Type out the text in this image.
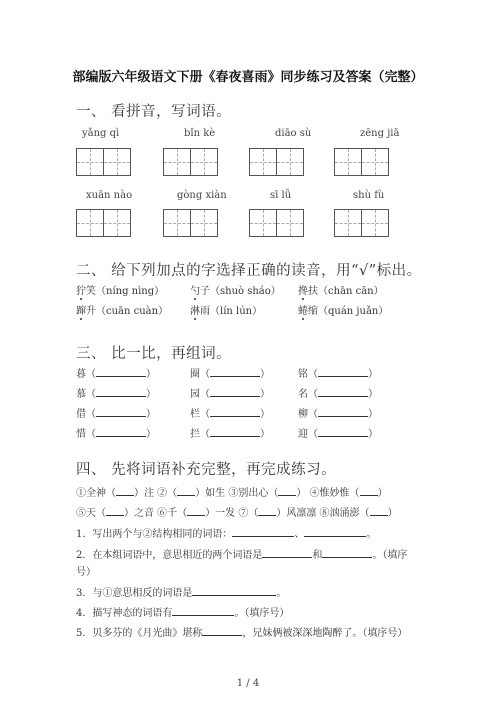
部编版六年级语文下册《春夜喜雨》同步练习及答案（完整）
一、 看拼音，写词语。
yǎng qì	bǐn kè	diāo sù	zēng jiā
xuān nào	gòng xiàn	sī lǚ	shù fù
二、 给下列加点的字选择正确的读音，用“√”标出。
狞笑（níng nìng）	勺子（shuò sháo） 搀扶（chān cān）
蹿升（cuān cuàn） 淋雨（lín lún）	蜷缩（quán juǎn）
三、 比一比，再组词。
暮（	）	圈（	）	铭（	）
慕（	）	园（	）	名（	）
借（	）	栏（	）	柳（	）
惜（	）	拦（	）	迎（	）
四、 先将词语补充完整，再完成练习。
①全神（ ）注 ②（ ）如生 ③别出心（ ） ④惟妙惟（ ）
⑤天（ ）之音 ⑥千（ ）一发 ⑦（ ）风凛凛 ⑧汹涌澎（ ）
1．写出两个与②结构相同的词语：	、	。
2．在本组词语中，意思相近的两个词语是	和	。（填序
号）
3．与①意思相反的词语是	。
4．描写神态的词语有	。（填序号）
5．贝多芬的《月光曲》堪称	，兄妹俩被深深地陶醉了。（填序号）
1 / 4
